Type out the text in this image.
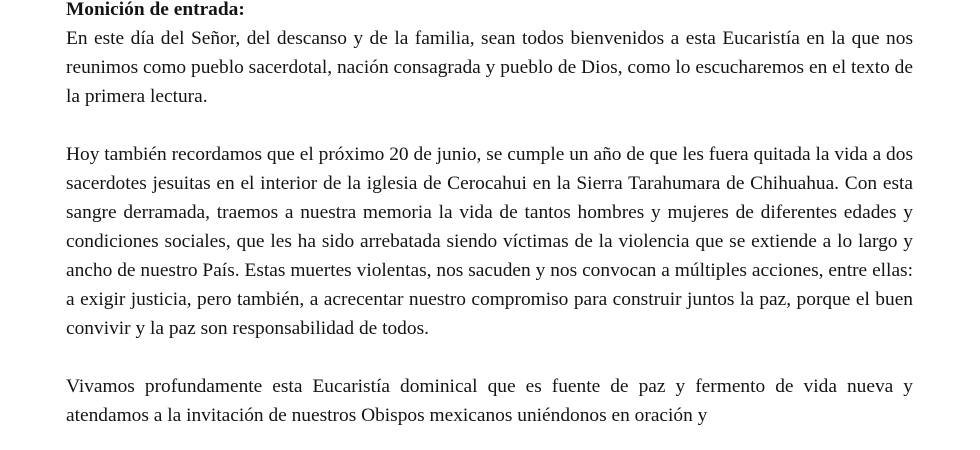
Monición de entrada:

En este día del Señor, del descanso y de la familia, sean todos bienvenidos a esta Eucaristía en la que nos reunimos como pueblo sacerdotal, nación consagrada y pueblo de Dios, como lo escucharemos en el texto de la primera lectura.

Hoy también recordamos que el próximo 20 de junio, se cumple un año de que les fuera quitada la vida a dos sacerdotes jesuitas en el interior de la iglesia de Cerocahui en la Sierra Tarahumara de Chihuahua. Con esta sangre derramada, traemos a nuestra memoria la vida de tantos hombres y mujeres de diferentes edades y condiciones sociales, que les ha sido arrebatada siendo víctimas de la violencia que se extiende a lo largo y ancho de nuestro País. Estas muertes violentas, nos sacuden y nos convocan a múltiples acciones, entre ellas: a exigir justicia, pero también, a acrecentar nuestro compromiso para construir juntos la paz, porque el buen convivir y la paz son responsabilidad de todos.

Vivamos profundamente esta Eucaristía dominical que es fuente de paz y fermento de vida nueva y atendamos a la invitación de nuestros Obispos mexicanos uniéndonos en oración y
